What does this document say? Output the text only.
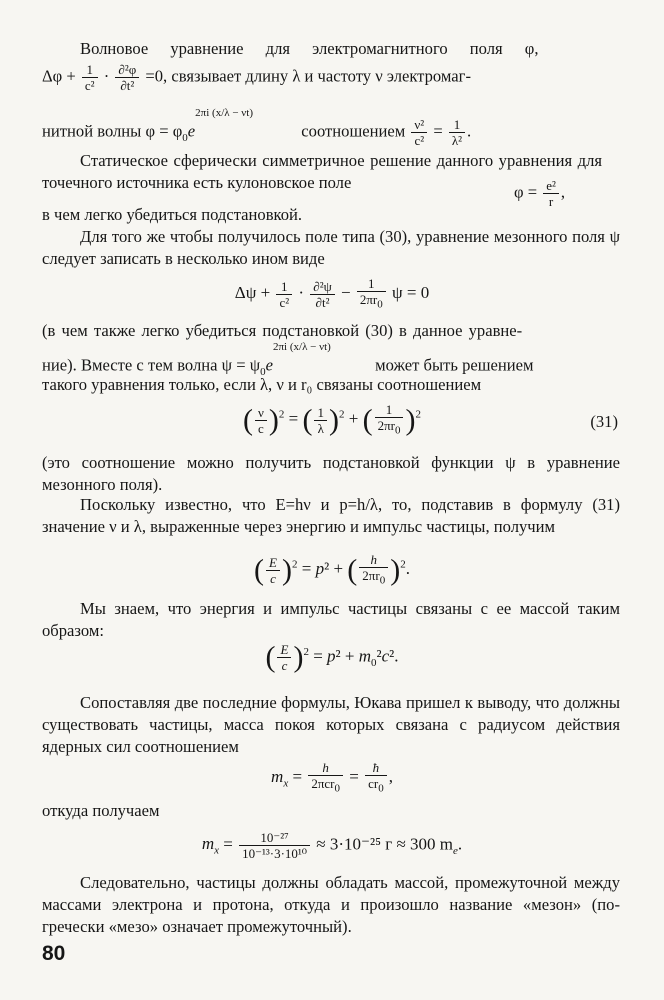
Волновое уравнение для электромагнитного поля φ,
$\Delta\varphi + \frac{1}{\text{c²}} \cdot \frac{\text{∂²φ}}{\text{∂t²}} =0$, связывает длину λ и частоту ν электромаг-
нитной волны $\varphi = \varphi_0e^{2\pi i (x/\lambda - \nu t)}$  соотношением $\frac{\text{ν²}}{\text{c²}} = \frac{1}{\text{λ²}}$ .
Статическое сферически симметричное решение данного уравнения для точечного источника есть кулоновское поле	$\varphi = \frac{\text{e²}}{r}$ ,
в чем легко убедиться подстановкой.
Для того же чтобы получилось поле типа (30), уравнение мезонного поля ψ следует записать в несколько ином виде
$\Delta\psi + \frac{1}{\text{c²}} \cdot \frac{\text{∂²ψ}}{\text{∂t²}} - \frac{1}{2\pi r_0}$ ψ = 0
(в чем также легко убедиться подстановкой (30) в данное уравне-
ние). Вместе с тем волна $\psi = \psi_0e^{2\pi i (x/\lambda - \nu t)}$  может быть решением
такого уравнения только, если λ, ν и r₀ связаны соотношением
( $\frac{\nu}{c} )^2$ = ( $\frac{1}{\lambda} )^2$ + ( $\frac{1}{2\pi r_0} )^2$	(31)
(это соотношение можно получить подстановкой функции ψ в уравнение мезонного поля).
Поскольку известно, что E=hν и p=h/λ, то, подставив в формулу (31) значение ν и λ, выраженные через энергию и импульс частицы, получим
( $\frac{E}{c} )^2 = p^2$ + ( $\frac{h}{2\pi r_0} )^2$.
Мы знаем, что энергия и импульс частицы связаны с ее массой таким образом:
( $\frac{E}{c} )^2 = p^2 + m_0^2c^2$.
Сопоставляя две последние формулы, Юкава пришел к выводу, что должны существовать частицы, масса покоя которых связана с радиусом действия ядерных сил соотношением
$m_x = \frac{h}{2\pi cr_0} = \frac{ħ}{cr_0}$ ,
откуда получаем
$m_x = \frac{\text{10⁻²⁷}}{\text{10⁻¹³·3·10¹⁰}} \approx 3\cdot 10^{-25}$ г ≈ 300 $m_e$.
Следовательно, частицы должны обладать массой, промежуточной между массами электрона и протона, откуда и произошло название «мезон» (по-гречески «мезо» означает промежуточный).
80
